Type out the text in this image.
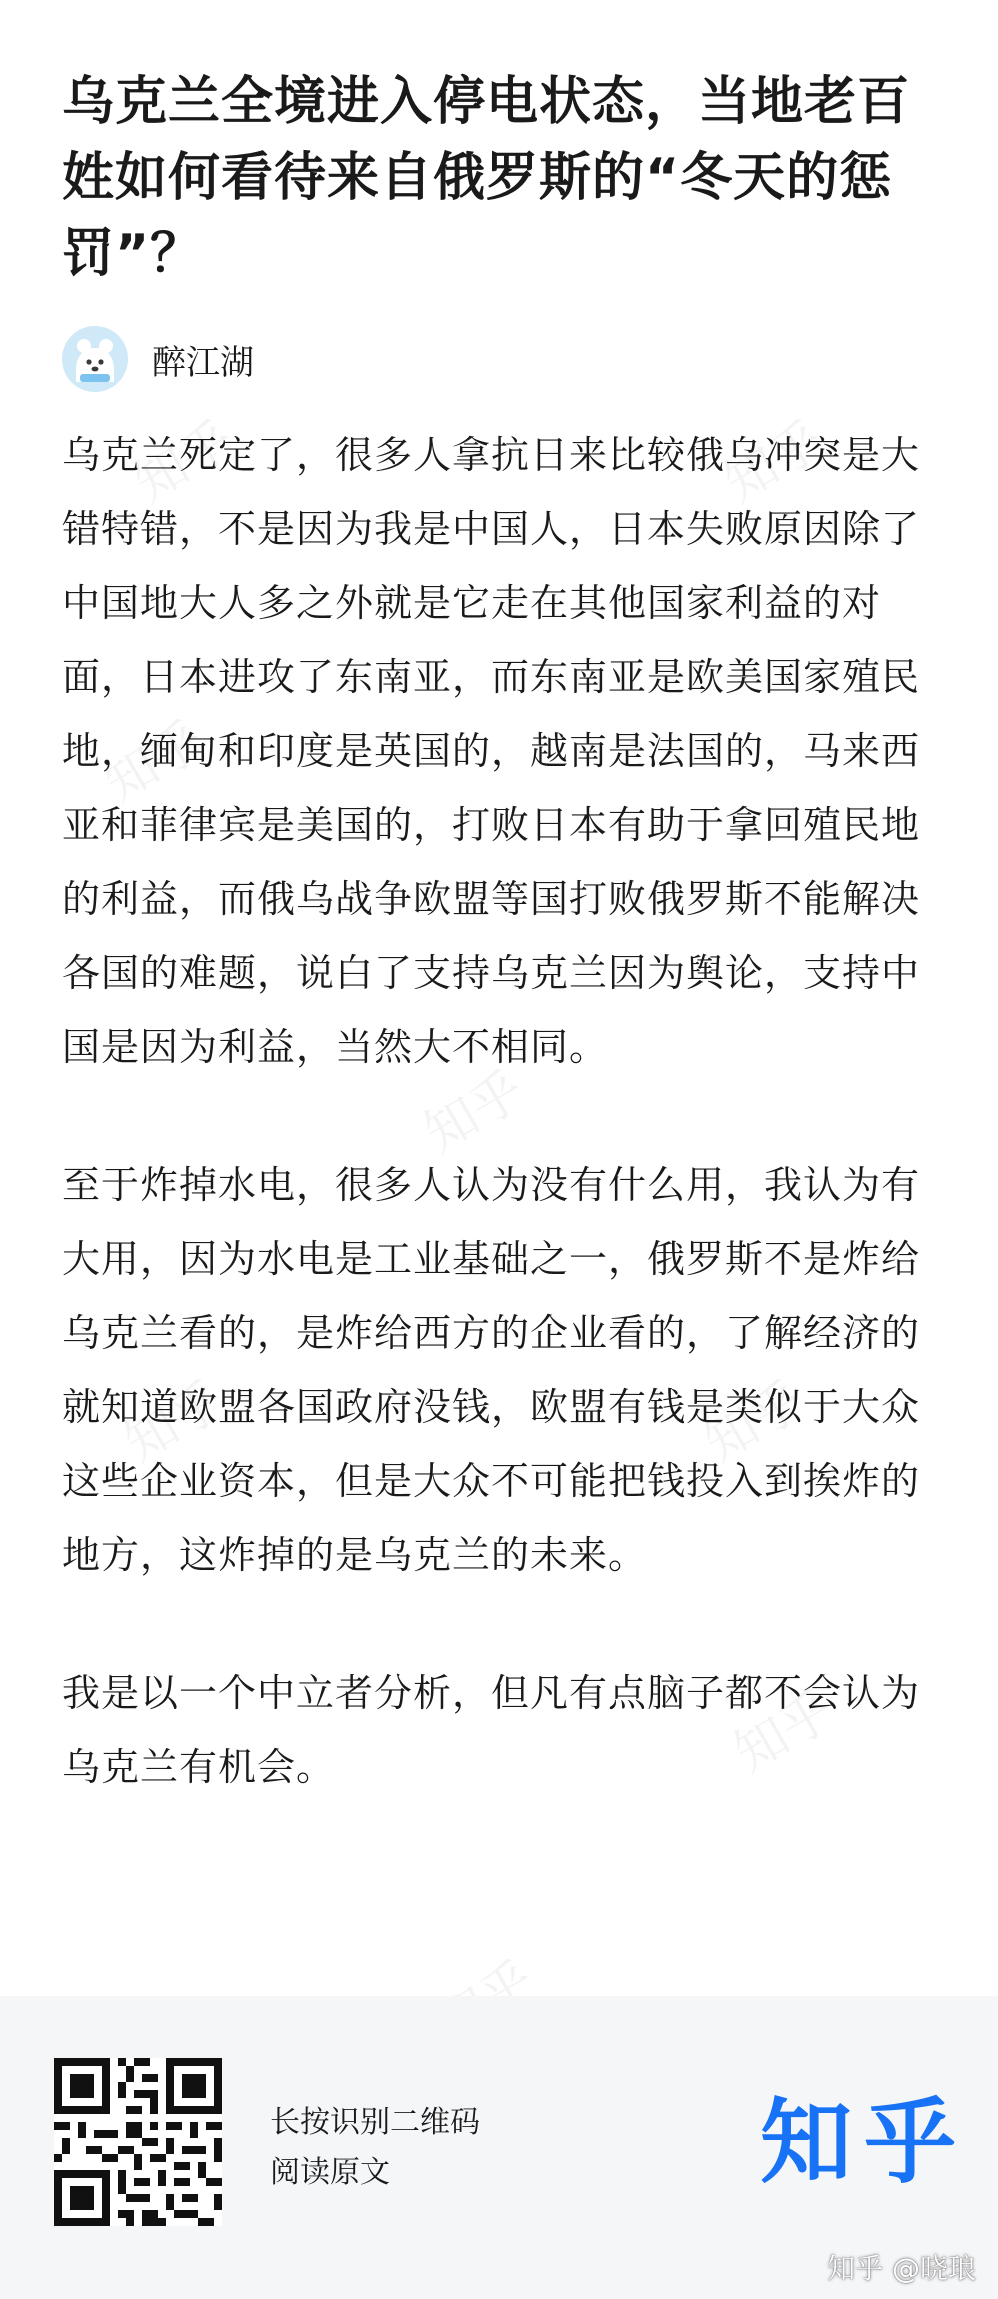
乌克兰全境进入停电状态，当地老百姓如何看待来自俄罗斯的“冬天的惩罚”？
醉江湖

乌克兰死定了，很多人拿抗日来比较俄乌冲突是大错特错，不是因为我是中国人，日本失败原因除了中国地大人多之外就是它走在其他国家利益的对面，日本进攻了东南亚，而东南亚是欧美国家殖民地，缅甸和印度是英国的，越南是法国的，马来西亚和菲律宾是美国的，打败日本有助于拿回殖民地的利益，而俄乌战争欧盟等国打败俄罗斯不能解决各国的难题，说白了支持乌克兰因为舆论，支持中国是因为利益，当然大不相同。

至于炸掉水电，很多人认为没有什么用，我认为有大用，因为水电是工业基础之一，俄罗斯不是炸给乌克兰看的，是炸给西方的企业看的，了解经济的就知道欧盟各国政府没钱，欧盟有钱是类似于大众这些企业资本，但是大众不可能把钱投入到挨炸的地方，这炸掉的是乌克兰的未来。

我是以一个中立者分析，但凡有点脑子都不会认为乌克兰有机会。

长按识别二维码
阅读原文	知乎
知乎 @晓琅
